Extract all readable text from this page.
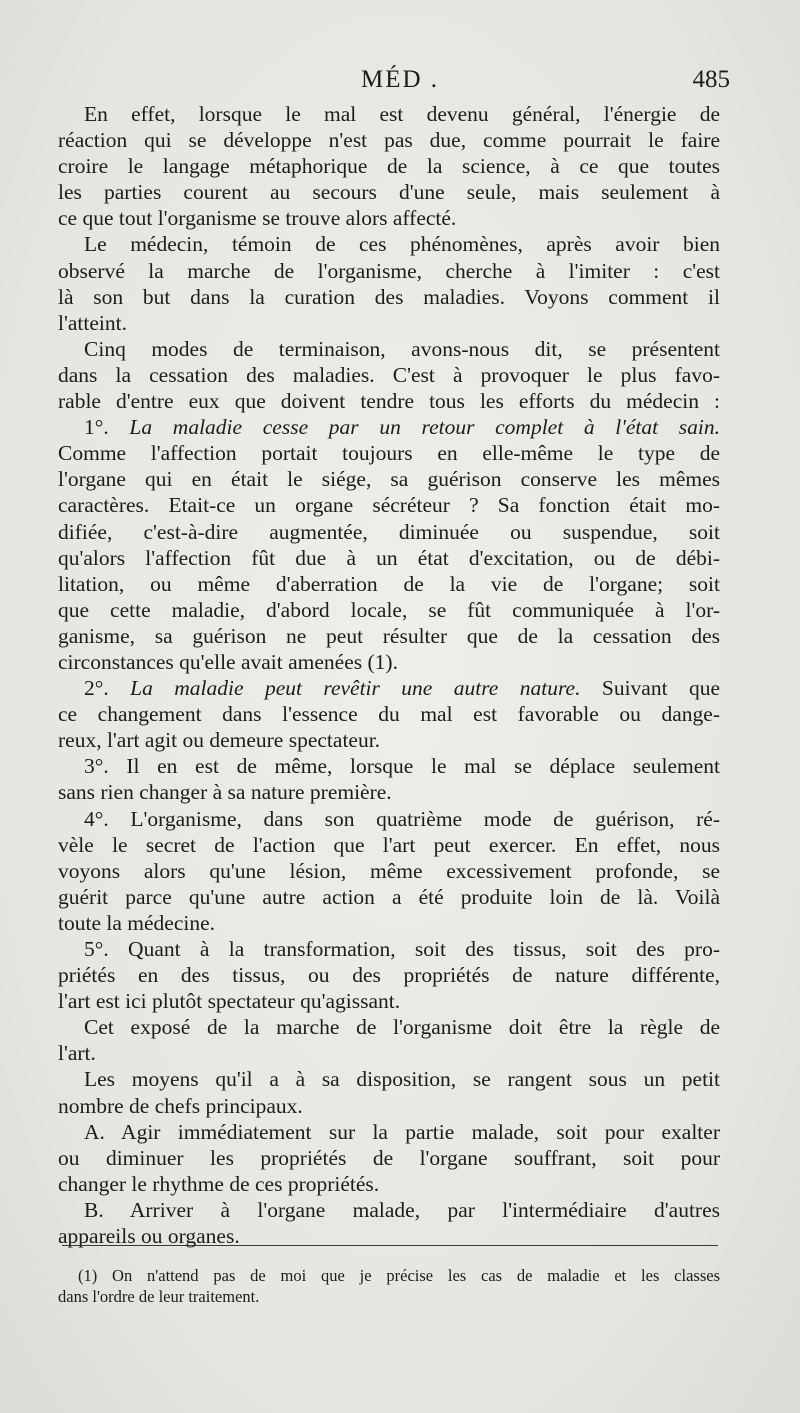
MÉD .	485
En effet, lorsque le mal est devenu général, l'énergie de
réaction qui se développe n'est pas due, comme pourrait le faire
croire le langage métaphorique de la science, à ce que toutes
les parties courent au secours d'une seule, mais seulement à
ce que tout l'organisme se trouve alors affecté.
Le médecin, témoin de ces phénomènes, après avoir bien
observé la marche de l'organisme, cherche à l'imiter : c'est
là son but dans la curation des maladies. Voyons comment il
l'atteint.
Cinq modes de terminaison, avons-nous dit, se présentent
dans la cessation des maladies. C'est à provoquer le plus favo-
rable d'entre eux que doivent tendre tous les efforts du médecin :
1°. La maladie cesse par un retour complet à l'état sain.
Comme l'affection portait toujours en elle-même le type de
l'organe qui en était le siége, sa guérison conserve les mêmes
caractères. Etait-ce un organe sécréteur ? Sa fonction était mo-
difiée, c'est-à-dire augmentée, diminuée ou suspendue, soit
qu'alors l'affection fût due à un état d'excitation, ou de débi-
litation, ou même d'aberration de la vie de l'organe; soit
que cette maladie, d'abord locale, se fût communiquée à l'or-
ganisme, sa guérison ne peut résulter que de la cessation des
circonstances qu'elle avait amenées (1).
2°. La maladie peut revêtir une autre nature. Suivant que
ce changement dans l'essence du mal est favorable ou dange-
reux, l'art agit ou demeure spectateur.
3°. Il en est de même, lorsque le mal se déplace seulement
sans rien changer à sa nature première.
4°. L'organisme, dans son quatrième mode de guérison, ré-
vèle le secret de l'action que l'art peut exercer. En effet, nous
voyons alors qu'une lésion, même excessivement profonde, se
guérit parce qu'une autre action a été produite loin de là. Voilà
toute la médecine.
5°. Quant à la transformation, soit des tissus, soit des pro-
priétés en des tissus, ou des propriétés de nature différente,
l'art est ici plutôt spectateur qu'agissant.
Cet exposé de la marche de l'organisme doit être la règle de
l'art.
Les moyens qu'il a à sa disposition, se rangent sous un petit
nombre de chefs principaux.
A. Agir immédiatement sur la partie malade, soit pour exalter
ou diminuer les propriétés de l'organe souffrant, soit pour
changer le rhythme de ces propriétés.
B. Arriver à l'organe malade, par l'intermédiaire d'autres
appareils ou organes.
(1) On n'attend pas de moi que je précise les cas de maladie et les classes
dans l'ordre de leur traitement.
